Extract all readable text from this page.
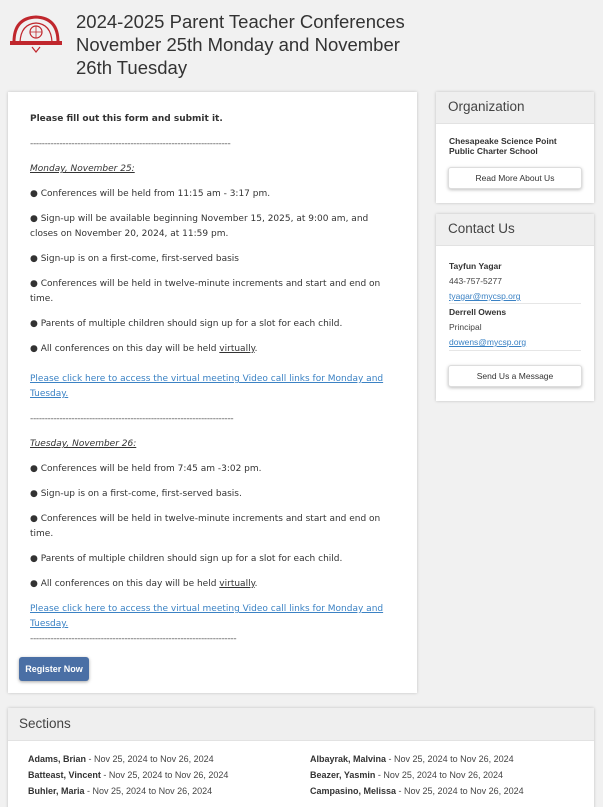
2024-2025 Parent Teacher Conferences November 25th Monday and November 26th Tuesday
Please fill out this form and submit it.
--------------------------------------------------------------------
Monday, November 25:
● Conferences will be held from 11:15 am - 3:17 pm.
● Sign-up will be available beginning November 15, 2025, at 9:00 am, and closes on November 20, 2024, at 11:59 pm.
● Sign-up is on a first-come, first-served basis
● Conferences will be held in twelve-minute increments and start and end on time.
● Parents of multiple children should sign up for a slot for each child.
● All conferences on this day will be held virtually.
Please click here to access the virtual meeting Video call links for Monday and Tuesday.
---------------------------------------------------------------------
Tuesday, November 26:
● Conferences will be held from 7:45 am -3:02 pm.
● Sign-up is on a first-come, first-served basis.
● Conferences will be held in twelve-minute increments and start and end on time.
● Parents of multiple children should sign up for a slot for each child.
● All conferences on this day will be held virtually.
Please click here to access the virtual meeting Video call links for Monday and Tuesday.
----------------------------------------------------------------------
Register Now
Organization
Chesapeake Science Point Public Charter School
Read More About Us
Contact Us
Tayfun Yagar
443-757-5277
tyagar@mycsp.org
Derrell Owens
Principal
dowens@mycsp.org
Send Us a Message
Sections
Adams, Brian - Nov 25, 2024 to Nov 26, 2024	Albayrak, Malvina - Nov 25, 2024 to Nov 26, 2024
Batteast, Vincent - Nov 25, 2024 to Nov 26, 2024	Beazer, Yasmin - Nov 25, 2024 to Nov 26, 2024
Buhler, Maria - Nov 25, 2024 to Nov 26, 2024	Campasino, Melissa - Nov 25, 2024 to Nov 26, 2024
